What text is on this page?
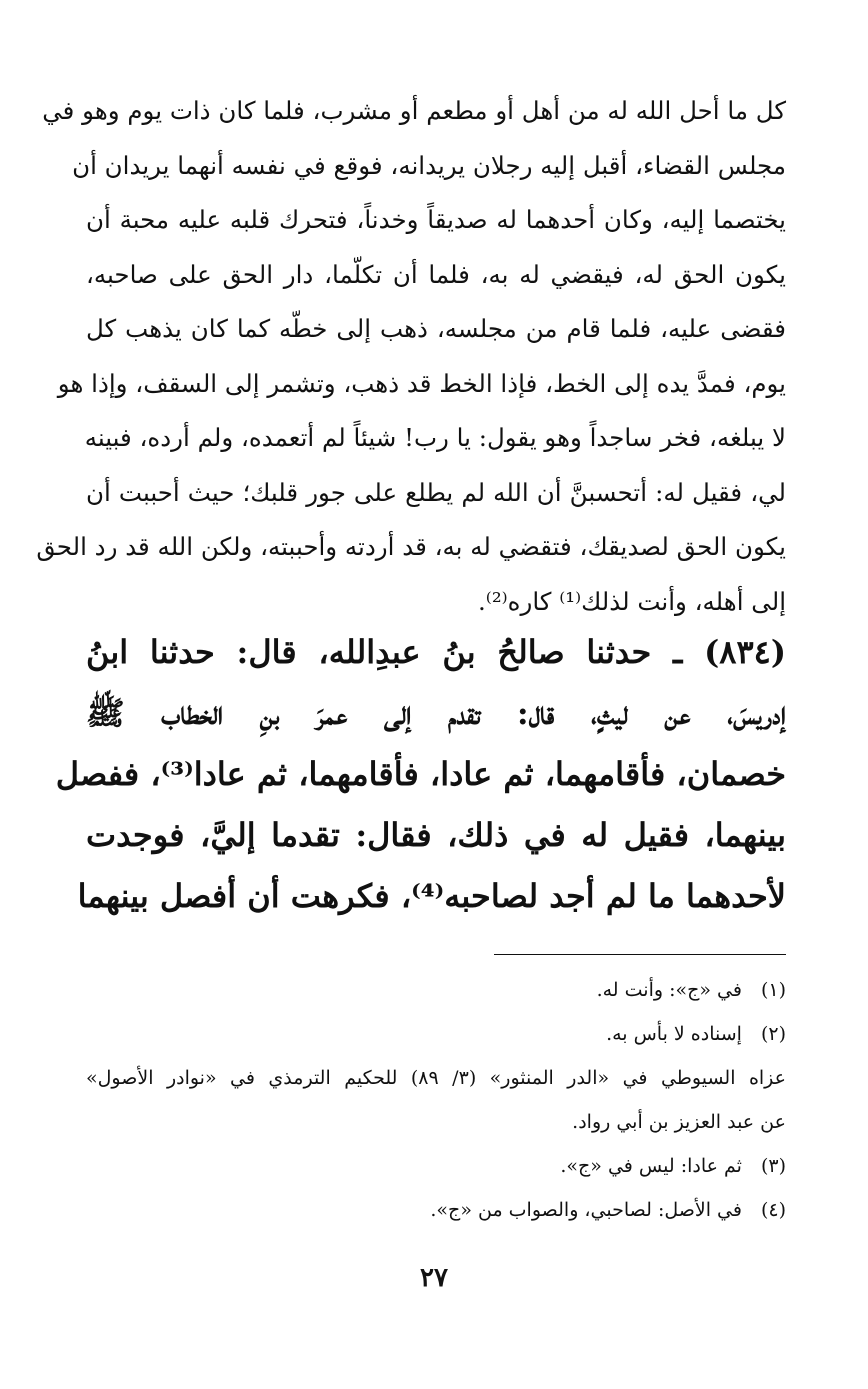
كل ما أحل الله له من أهل أو مطعم أو مشرب، فلما كان ذات يوم وهو في
مجلس القضاء، أقبل إليه رجلان يريدانه، فوقع في نفسه أنهما يريدان أن
يختصما إليه، وكان أحدهما له صديقاً وخدناً، فتحرك قلبه عليه محبة أن
يكون الحق له، فيقضي له به، فلما أن تكلّما، دار الحق على صاحبه،
فقضى عليه، فلما قام من مجلسه، ذهب إلى خطّه كما كان يذهب كل
يوم، فمدَّ يده إلى الخط، فإذا الخط قد ذهب، وتشمر إلى السقف، وإذا هو
لا يبلغه، فخر ساجداً وهو يقول: يا رب! شيئاً لم أتعمده، ولم أرده، فبينه
لي، فقيل له: أتحسبنَّ أن الله لم يطلع على جور قلبك؛ حيث أحببت أن
يكون الحق لصديقك، فتقضي له به، قد أردته وأحببته، ولكن الله قد رد الحق
إلى أهله، وأنت لذلك⁽¹⁾ كاره⁽²⁾.
(٨٣٤) ـ حدثنا صالحُ بنُ عبدِالله، قال: حدثنا ابنُ
إدريسَ، عن ليثٍ، قال: تقدم إلى عمرَ بنِ الخطاب ﷺ
خصمان، فأقامهما، ثم عادا، فأقامهما، ثم عادا⁽³⁾، ففصل
بينهما، فقيل له في ذلك، فقال: تقدما إليَّ، فوجدت
لأحدهما ما لم أجد لصاحبه⁽⁴⁾، فكرهت أن أفصل بينهما
(١) في «ج»: وأنت له.
(٢) إسناده لا بأس به.
عزاه السيوطي في «الدر المنثور» (٣/ ٨٩) للحكيم الترمذي في «نوادر الأصول»
عن عبد العزيز بن أبي رواد.
(٣) ثم عادا: ليس في «ج».
(٤) في الأصل: لصاحبي، والصواب من «ج».
٢٧
